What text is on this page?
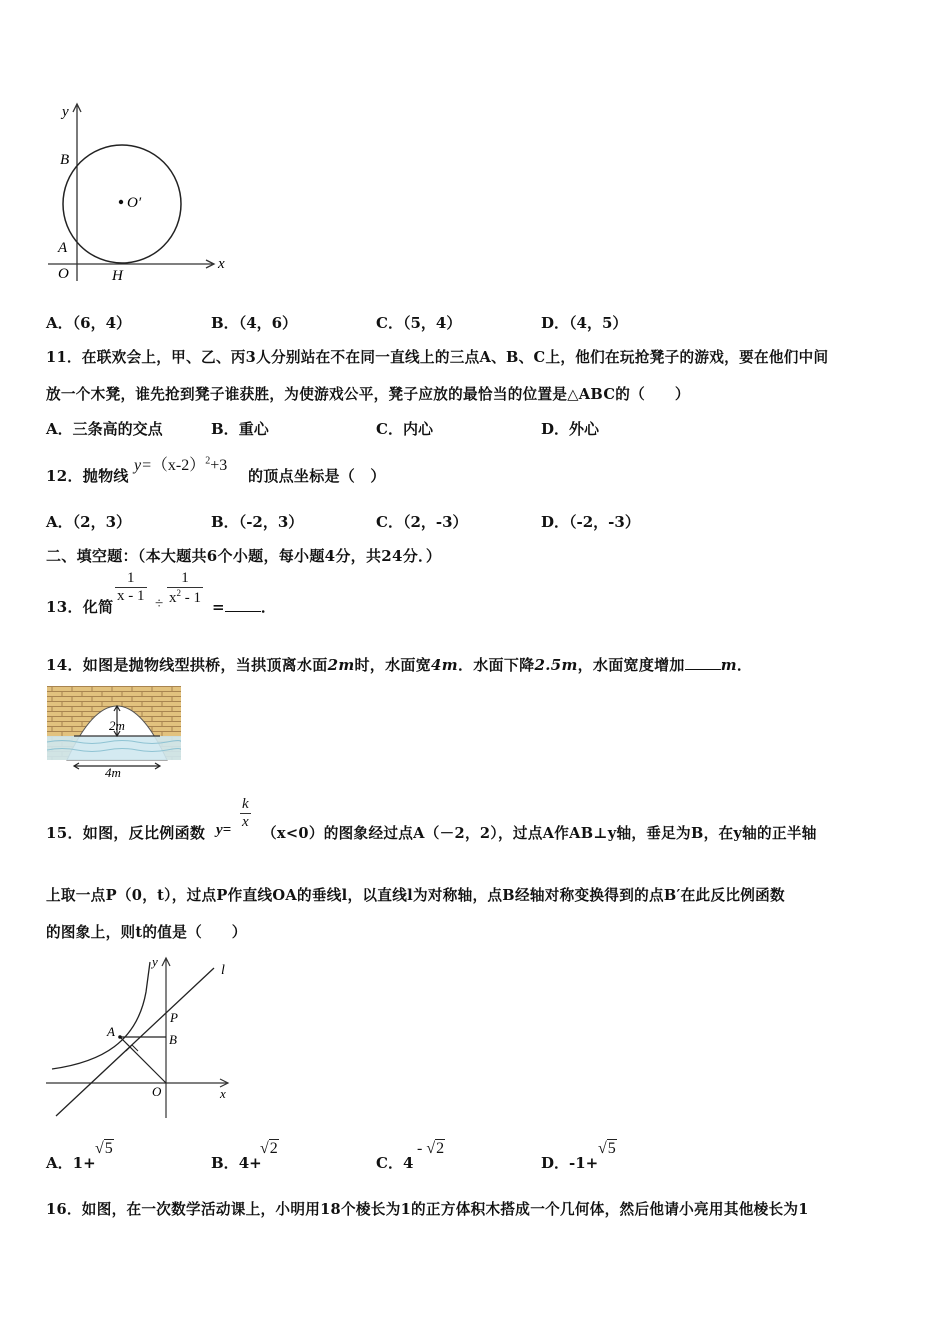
y
x
B
A
O	H
O′
A．（6，4）	B．（4，6）	C．（5，4）	D．（4，5）
11．在联欢会上，甲、乙、丙3人分别站在不在同一直线上的三点A、B、C上，他们在玩抢凳子的游戏，要在他们中间
放一个木凳，谁先抢到凳子谁获胜，为使游戏公平，凳子应放的最恰当的位置是△ABC的（　　）
A．三条高的交点	B．重心	C．内心	D．外心
12．抛物线
$y=(x-2)^2+3$
的顶点坐标是（　）
A．（2，3）	B．（-2，3）	C．（2，-3）	D．（-2，-3）
二、填空题：（本大题共6个小题，每小题4分，共24分．）
13．化简
$\frac{1}{x - 1} \div \frac{1}{x^2 - 1}$ = ．
14．如图是抛物线型拱桥，当拱顶离水面2m时，水面宽4m．水面下降2.5m，水面宽度增加 m．
2m
4m
15．如图，反比例函数 $y= \frac{k}{x}$
（x<0）的图象经过点A（－2，2），过点A作AB⊥y轴，垂足为B，在y轴的正半轴
上取一点P（0，t），过点P作直线OA的垂线l，以直线l为对称轴，点B经轴对称变换得到的点B′在此反比例函数
的图象上，则t的值是（　　）
l
y
x
A
P
B
O
A．1+
√5
B．4+
√2
C．4
- √2
D．-1+
√5
16．如图，在一次数学活动课上，小明用18个棱长为1的正方体积木搭成一个几何体，然后他请小亮用其他棱长为1
